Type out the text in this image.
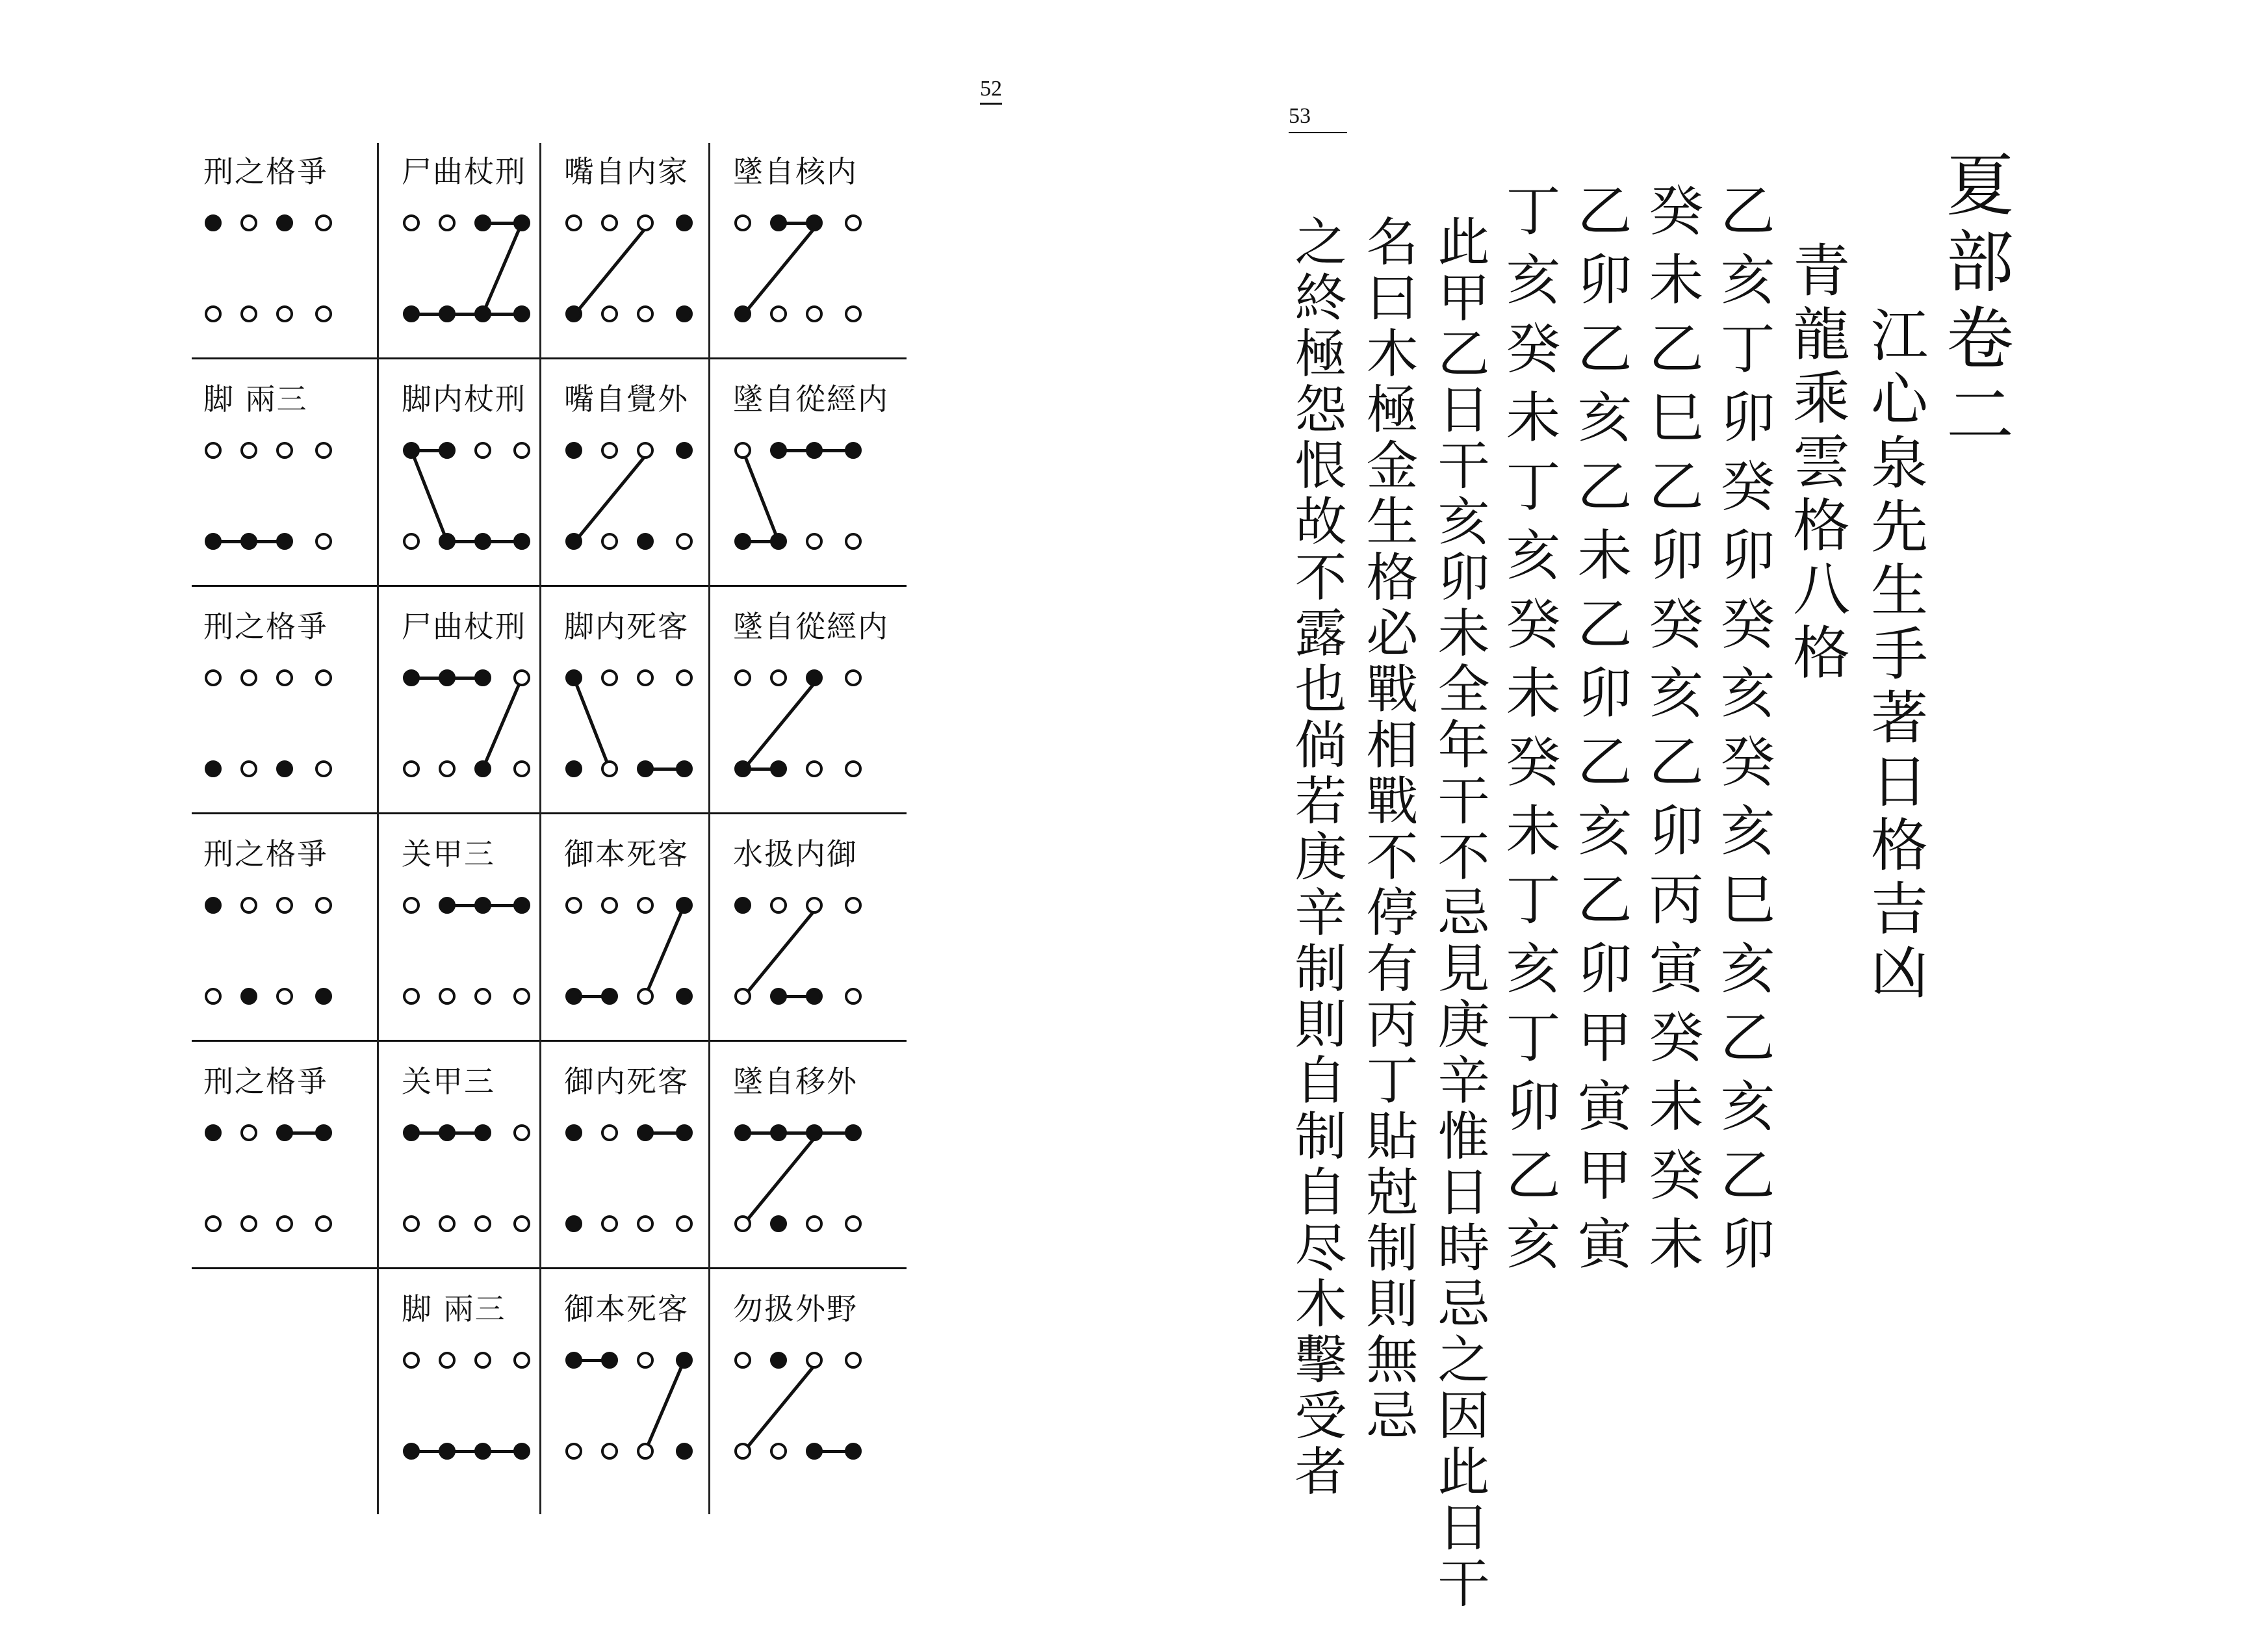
52
刑之格爭 尸曲杖刑 嘴自内家 墜自核内
脚 兩三	脚内杖刑 嘴自覺外 墜自從經内
刑之格爭 尸曲杖刑 脚内死客 墜自從經内
刑之格爭 关甲三 御本死客 水扱内御
刑之格爭 关甲三 御内死客 墜自移外
脚 兩三 御本死客 勿扱外野
53
夏部卷二
江心泉先生手著日格吉凶
青龍乘雲格八格
乙亥丁卯癸卯癸亥癸亥巳亥乙亥乙卯
癸未乙巳乙卯癸亥乙卯丙寅癸未癸未
乙卯乙亥乙未乙卯乙亥乙卯甲寅甲寅
丁亥癸未丁亥癸未癸未丁亥丁卯乙亥
此甲乙日干亥卯未全年干不忌見庚辛惟日時忌之因此日干
名曰木極金生格必戰相戰不停有丙丁貼尅制則無忌
之終極怨恨故不露也倘若庚辛制則自制自尽木擊受者
